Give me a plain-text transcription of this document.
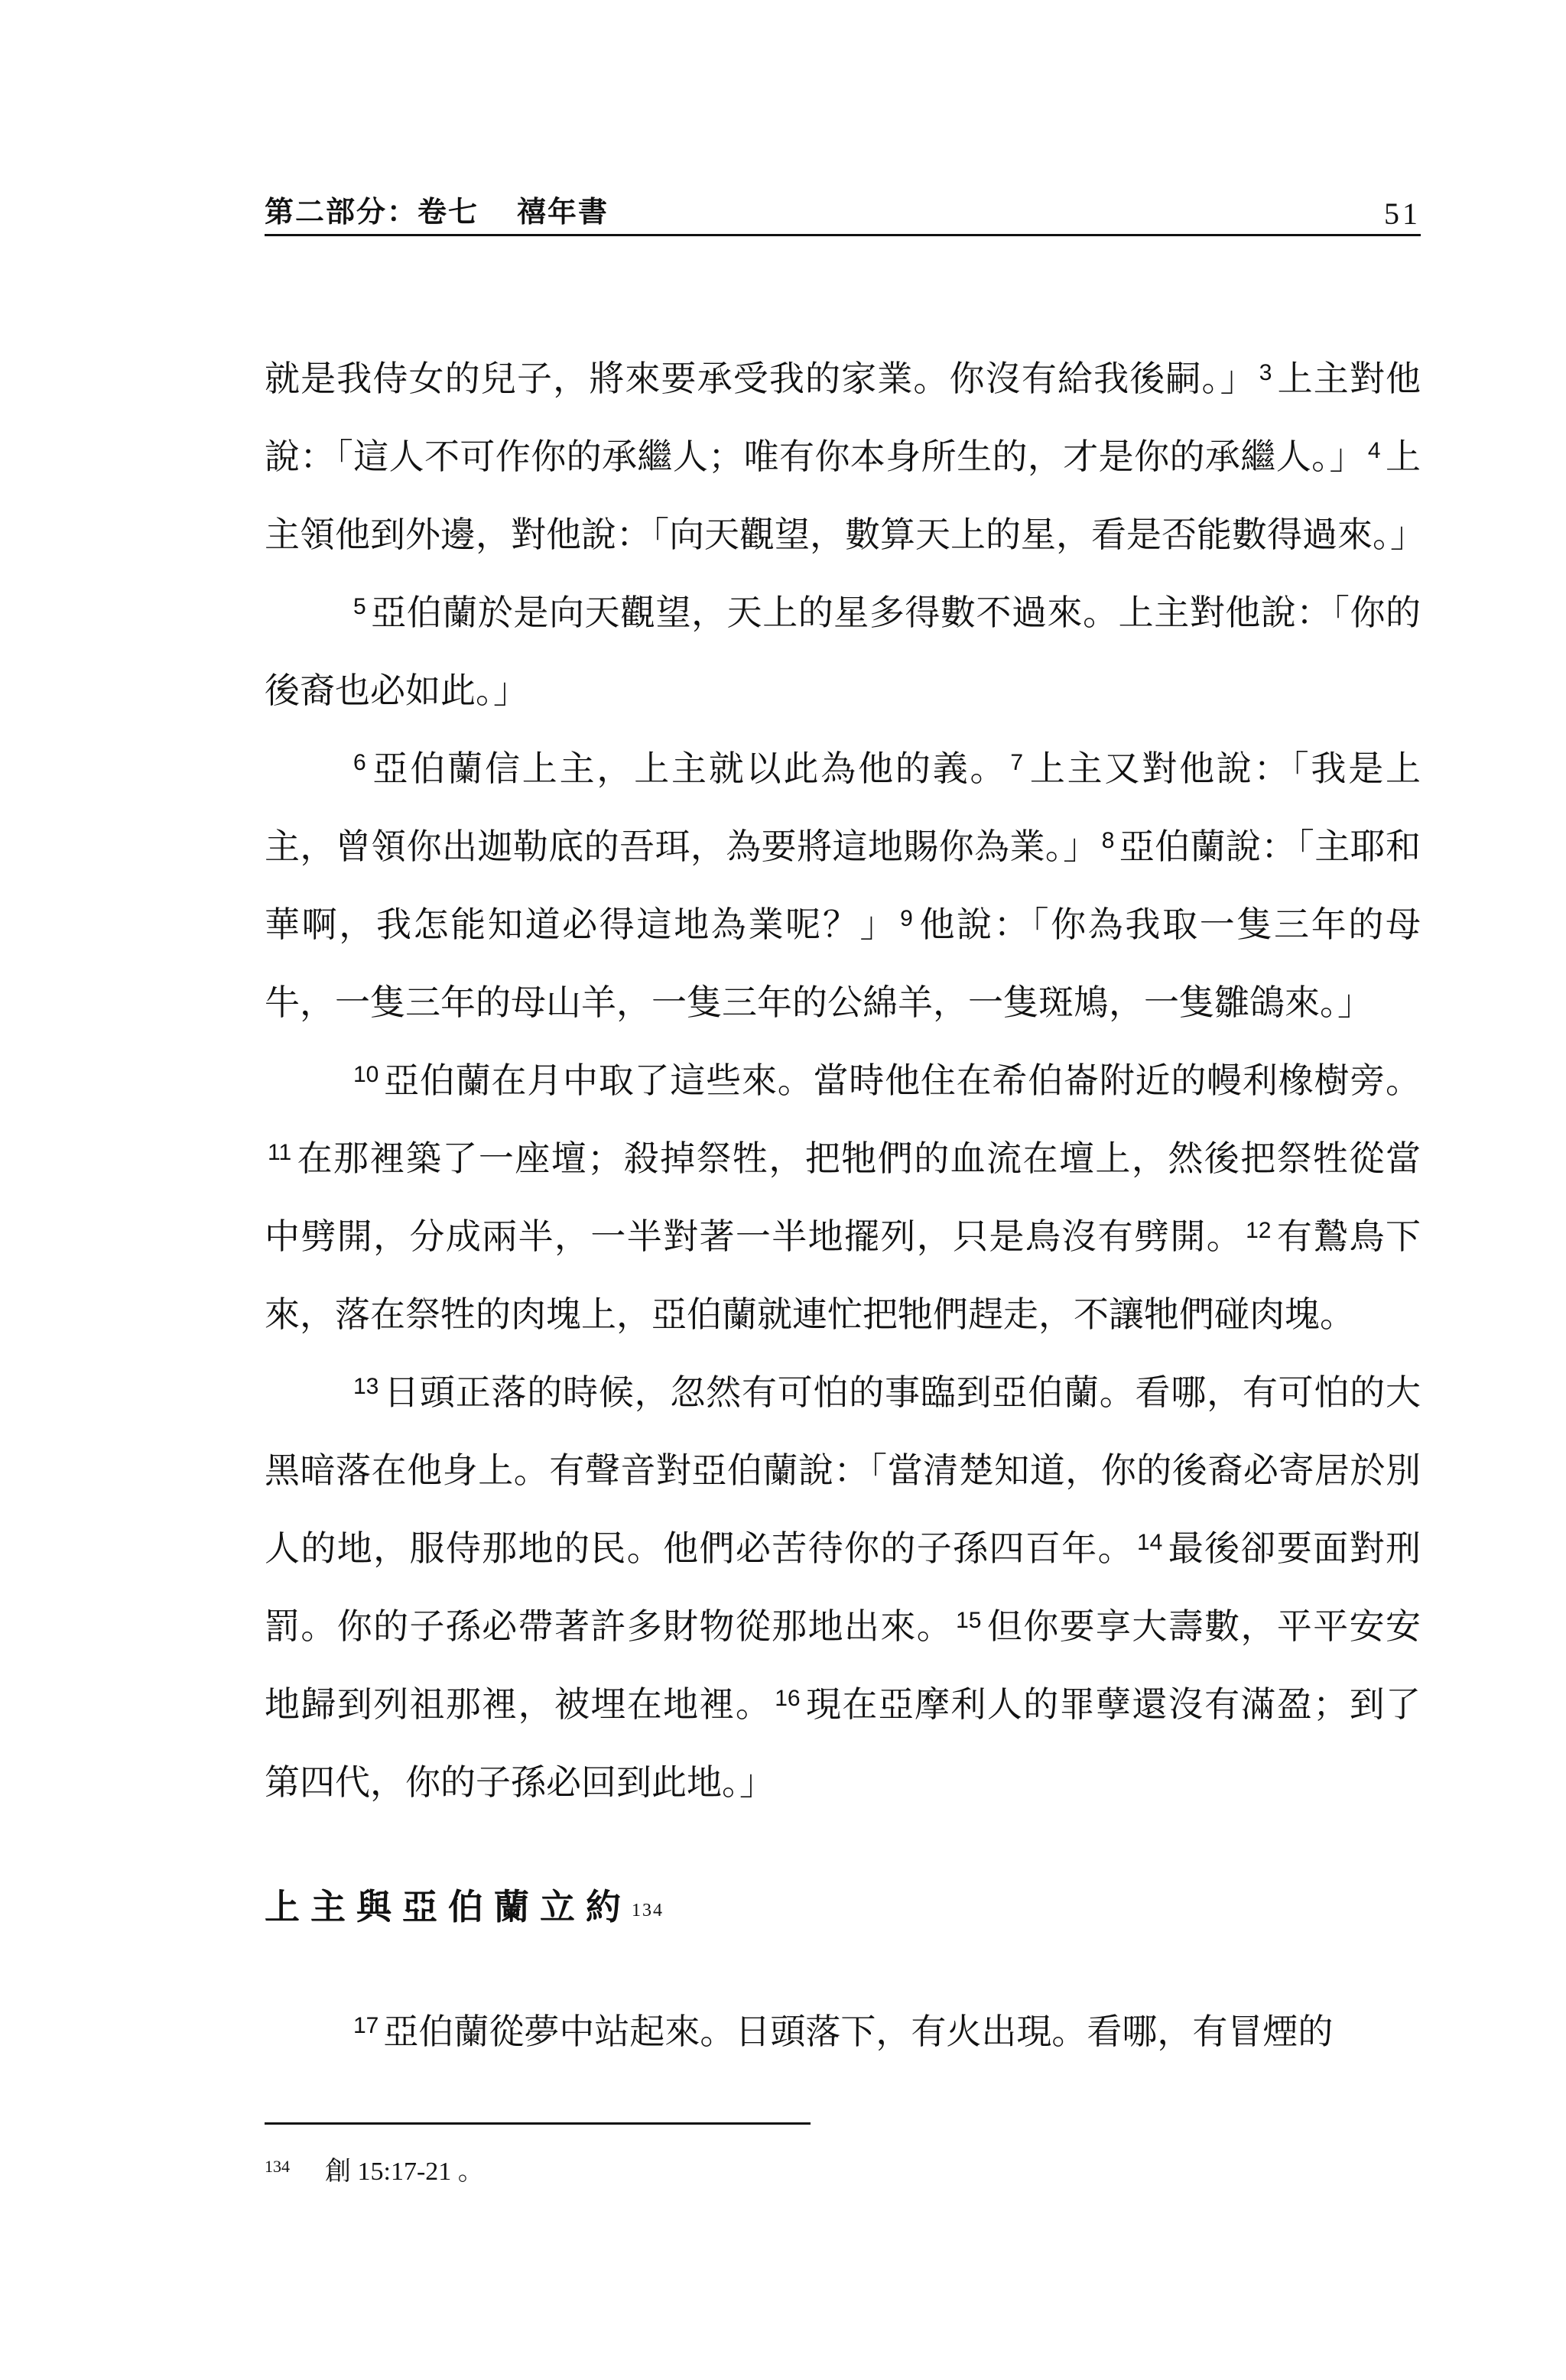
第二部分：卷七 禧年書	51

就是我侍女的兒子，將來要承受我的家業。你沒有給我後嗣。」 $^3$ 上主對他說：「這人不可作你的承繼人；唯有你本身所生的，才是你的承繼人。」 $^4$ 上主領他到外邊，對他說：「向天觀望，數算天上的星，看是否能數得過來。」

$^5$ 亞伯蘭於是向天觀望，天上的星多得數不過來。上主對他說：「你的後裔也必如此。」

$^6$ 亞伯蘭信上主，上主就以此為他的義。 $^7$ 上主又對他說：「我是上主，曾領你出迦勒底的吾珥，為要將這地賜你為業。」 $^8$ 亞伯蘭說：「主耶和華啊，我怎能知道必得這地為業呢？」 $^9$ 他說：「你為我取一隻三年的母牛，一隻三年的母山羊，一隻三年的公綿羊，一隻斑鳩，一隻雛鴿來。」

$^{10}$ 亞伯蘭在月中取了這些來。當時他住在希伯崙附近的幔利橡樹旁。$^{11}$ 在那裡築了一座壇；殺掉祭牲，把牠們的血流在壇上，然後把祭牲從當中劈開，分成兩半，一半對著一半地擺列，只是鳥沒有劈開。 $^{12}$ 有鷙鳥下來，落在祭牲的肉塊上，亞伯蘭就連忙把牠們趕走，不讓牠們碰肉塊。

$^{13}$ 日頭正落的時候，忽然有可怕的事臨到亞伯蘭。看哪，有可怕的大黑暗落在他身上。有聲音對亞伯蘭說：「當清楚知道，你的後裔必寄居於別人的地，服侍那地的民。他們必苦待你的子孫四百年。 $^{14}$ 最後卻要面對刑罰。你的子孫必帶著許多財物從那地出來。 $^{15}$ 但你要享大壽數，平平安安地歸到列祖那裡，被埋在地裡。 $^{16}$ 現在亞摩利人的罪孽還沒有滿盈；到了第四代，你的子孫必回到此地。」

上主與亞伯蘭立約134

$^{17}$ 亞伯蘭從夢中站起來。日頭落下，有火出現。看哪，有冒煙的

$^{134}$ 創 15:17-21 。
